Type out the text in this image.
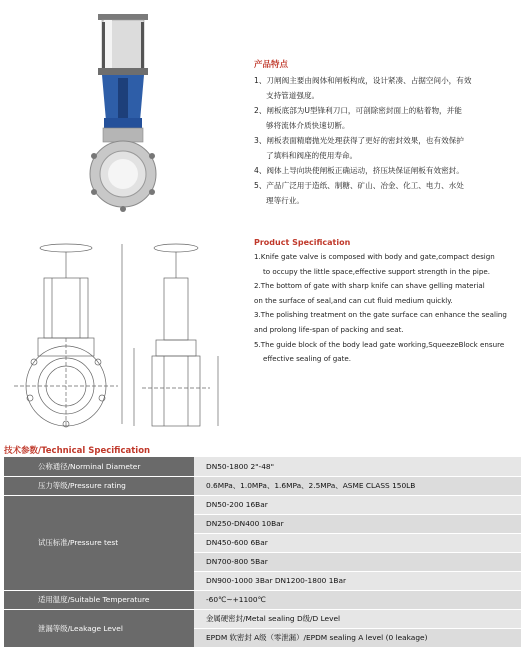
产品特点
1、刀闸阀主要由阀体和闸板构成，设计紧凑、占据空间小，有效
支持管道强度。
2、闸板底部为U型锋利刀口，可剖除密封面上的粘着物，并能
够将流体介质快速切断。
3、闸板表面精磨抛光处理获得了更好的密封效果，也有效保护
了填料和阀座的使用寿命。
4、阀体上导向块使闸板正确运动，挤压块保证闸板有效密封。
5、产品广泛用于造纸、制糖、矿山、冶金、化工、电力、水处
理等行业。
Product Specification
1.Knife gate valve is composed with body and gate,compact design
to occupy the little space,effective support strength in the pipe.
2.The bottom of gate with sharp knife can shave gelling material
on the surface of seal,and can cut fluid medium quickly.
3.The polishing treatment on the gate surface can enhance the sealing
and prolong life-span of packing and seat.
5.The guide block of the body lead gate working,SqueezeBlock ensure
effective sealing of gate.
技术参数/Technical Specification
公称通径/Norminal Diameter	DN50-1800 2"-48"
压力等级/Pressure rating	0.6MPa、1.0MPa、1.6MPa、2.5MPa、ASME CLASS 150LB
试压标准/Pressure test	DN50-200 16Bar
	DN250-DN400 10Bar
	DN450-600 6Bar
	DN700-800 5Bar
	DN900-1000 3Bar DN1200-1800 1Bar
适用温度/Suitable Temperature	-60℃~+1100℃
泄漏等级/Leakage Level	金属硬密封/Metal sealing D级/D Level
	EPDM 软密封 A级（零泄漏）/EPDM sealing A level (0 leakage)
